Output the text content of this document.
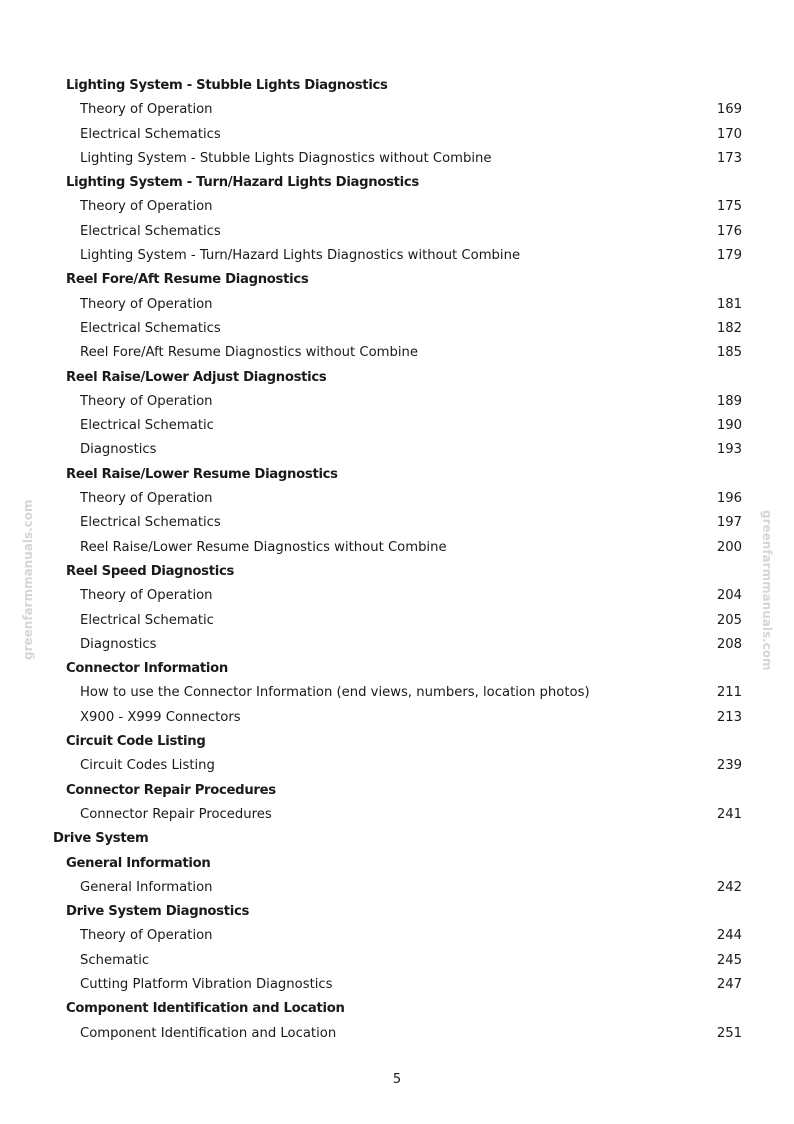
Lighting System - Stubble Lights Diagnostics
Theory of Operation	169
Electrical Schematics	170
Lighting System - Stubble Lights Diagnostics without Combine	173
Lighting System - Turn/Hazard Lights Diagnostics
Theory of Operation	175
Electrical Schematics	176
Lighting System - Turn/Hazard Lights Diagnostics without Combine	179
Reel Fore/Aft Resume Diagnostics
Theory of Operation	181
Electrical Schematics	182
Reel Fore/Aft Resume Diagnostics without Combine	185
Reel Raise/Lower Adjust Diagnostics
Theory of Operation	189
Electrical Schematic	190
Diagnostics	193
Reel Raise/Lower Resume Diagnostics
Theory of Operation	196
Electrical Schematics	197
Reel Raise/Lower Resume Diagnostics without Combine	200
Reel Speed Diagnostics
Theory of Operation	204
Electrical Schematic	205
Diagnostics	208
Connector Information
How to use the Connector Information (end views, numbers, location photos)	211
X900 - X999 Connectors	213
Circuit Code Listing
Circuit Codes Listing	239
Connector Repair Procedures
Connector Repair Procedures	241
Drive System
General Information
General Information	242
Drive System Diagnostics
Theory of Operation	244
Schematic	245
Cutting Platform Vibration Diagnostics	247
Component Identification and Location
Component Identification and Location	251
greenfarmmanuals.com	greenfarmmanuals.com
5
